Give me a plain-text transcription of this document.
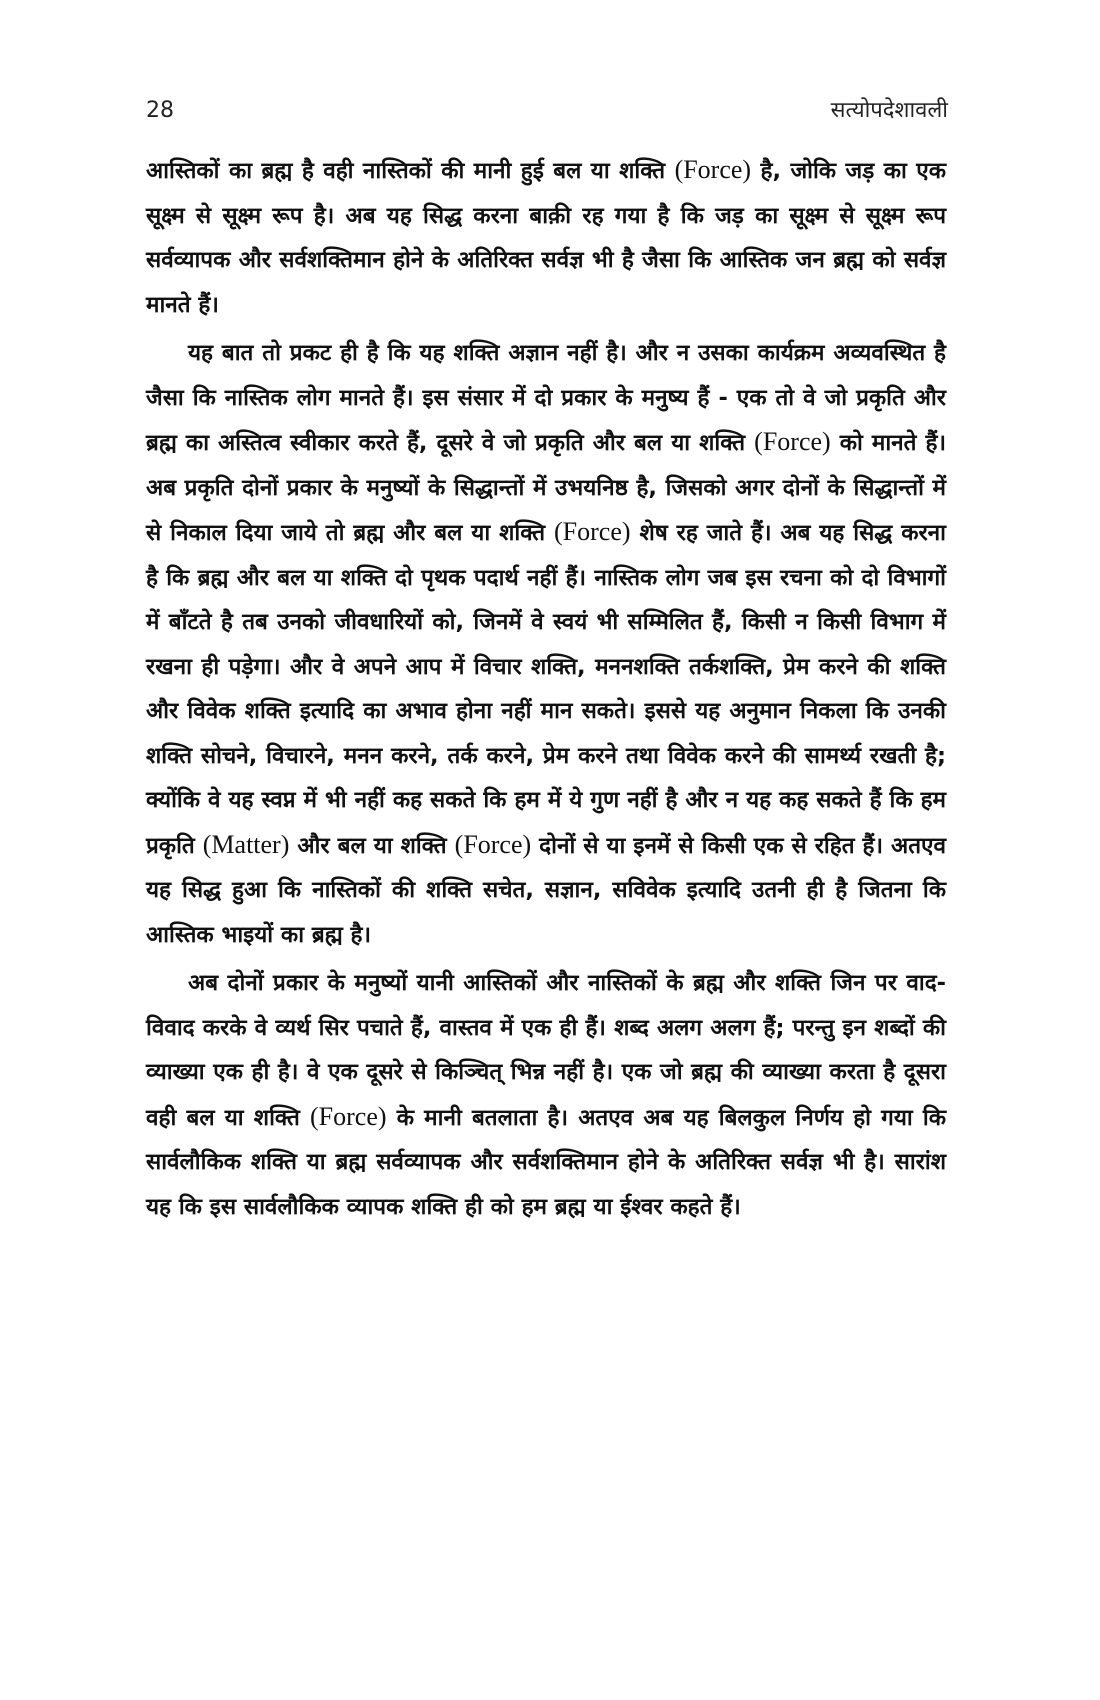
28	सत्योपदेशावली

आस्तिकों का ब्रह्म है वही नास्तिकों की मानी हुई बल या शक्ति (Force) है, जोकि जड़ का एक सूक्ष्म से सूक्ष्म रूप है। अब यह सिद्ध करना बाक़ी रह गया है कि जड़ का सूक्ष्म से सूक्ष्म रूप सर्वव्यापक और सर्वशक्तिमान होने के अतिरिक्त सर्वज्ञ भी है जैसा कि आस्तिक जन ब्रह्म को सर्वज्ञ मानते हैं।

यह बात तो प्रकट ही है कि यह शक्ति अज्ञान नहीं है। और न उसका कार्यक्रम अव्यवस्थित है जैसा कि नास्तिक लोग मानते हैं। इस संसार में दो प्रकार के मनुष्य हैं - एक तो वे जो प्रकृति और ब्रह्म का अस्तित्व स्वीकार करते हैं, दूसरे वे जो प्रकृति और बल या शक्ति (Force) को मानते हैं। अब प्रकृति दोनों प्रकार के मनुष्यों के सिद्धान्तों में उभयनिष्ठ है, जिसको अगर दोनों के सिद्धान्तों में से निकाल दिया जाये तो ब्रह्म और बल या शक्ति (Force) शेष रह जाते हैं। अब यह सिद्ध करना है कि ब्रह्म और बल या शक्ति दो पृथक पदार्थ नहीं हैं। नास्तिक लोग जब इस रचना को दो विभागों में बाँटते है तब उनको जीवधारियों को, जिनमें वे स्वयं भी सम्मिलित हैं, किसी न किसी विभाग में रखना ही पड़ेगा। और वे अपने आप में विचार शक्ति, मननशक्ति तर्कशक्ति, प्रेम करने की शक्ति और विवेक शक्ति इत्यादि का अभाव होना नहीं मान सकते। इससे यह अनुमान निकला कि उनकी शक्ति सोचने, विचारने, मनन करने, तर्क करने, प्रेम करने तथा विवेक करने की सामर्थ्य रखती है; क्योंकि वे यह स्वप्न में भी नहीं कह सकते कि हम में ये गुण नहीं है और न यह कह सकते हैं कि हम प्रकृति (Matter) और बल या शक्ति (Force) दोनों से या इनमें से किसी एक से रहित हैं। अतएव यह सिद्ध हुआ कि नास्तिकों की शक्ति सचेत, सज्ञान, सविवेक इत्यादि उतनी ही है जितना कि आस्तिक भाइयों का ब्रह्म है।

अब दोनों प्रकार के मनुष्यों यानी आस्तिकों और नास्तिकों के ब्रह्म और शक्ति जिन पर वाद-विवाद करके वे व्यर्थ सिर पचाते हैं, वास्तव में एक ही हैं। शब्द अलग अलग हैं; परन्तु इन शब्दों की व्याख्या एक ही है। वे एक दूसरे से किञ्चित् भिन्न नहीं है। एक जो ब्रह्म की व्याख्या करता है दूसरा वही बल या शक्ति (Force) के मानी बतलाता है। अतएव अब यह बिलकुल निर्णय हो गया कि सार्वलौकिक शक्ति या ब्रह्म सर्वव्यापक और सर्वशक्तिमान होने के अतिरिक्त सर्वज्ञ भी है। सारांश यह कि इस सार्वलौकिक व्यापक शक्ति ही को हम ब्रह्म या ईश्वर कहते हैं।
